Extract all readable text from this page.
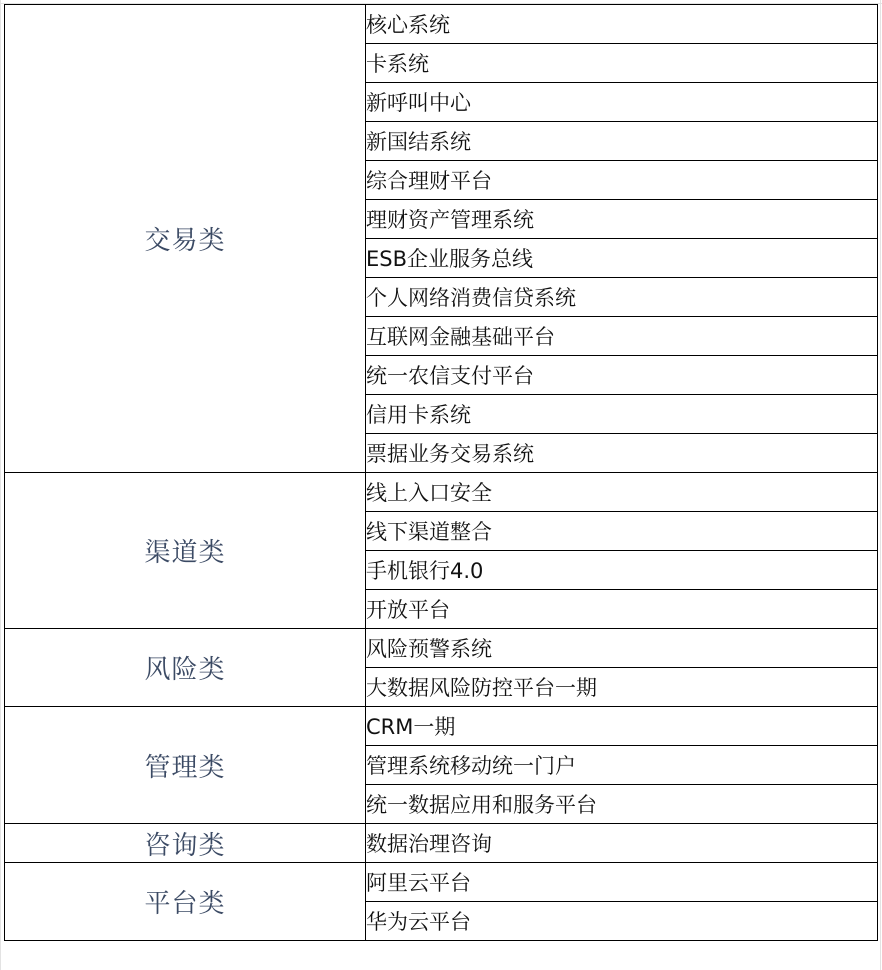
交易类	核心系统
	卡系统
	新呼叫中心
	新国结系统
	综合理财平台
	理财资产管理系统
	ESB企业服务总线
	个人网络消费信贷系统
	互联网金融基础平台
	统一农信支付平台
	信用卡系统
	票据业务交易系统
渠道类	线上入口安全
	线下渠道整合
	手机银行4.0
	开放平台
风险类	风险预警系统
	大数据风险防控平台一期
管理类	CRM一期
	管理系统移动统一门户
	统一数据应用和服务平台
咨询类	数据治理咨询
平台类	阿里云平台
	华为云平台
